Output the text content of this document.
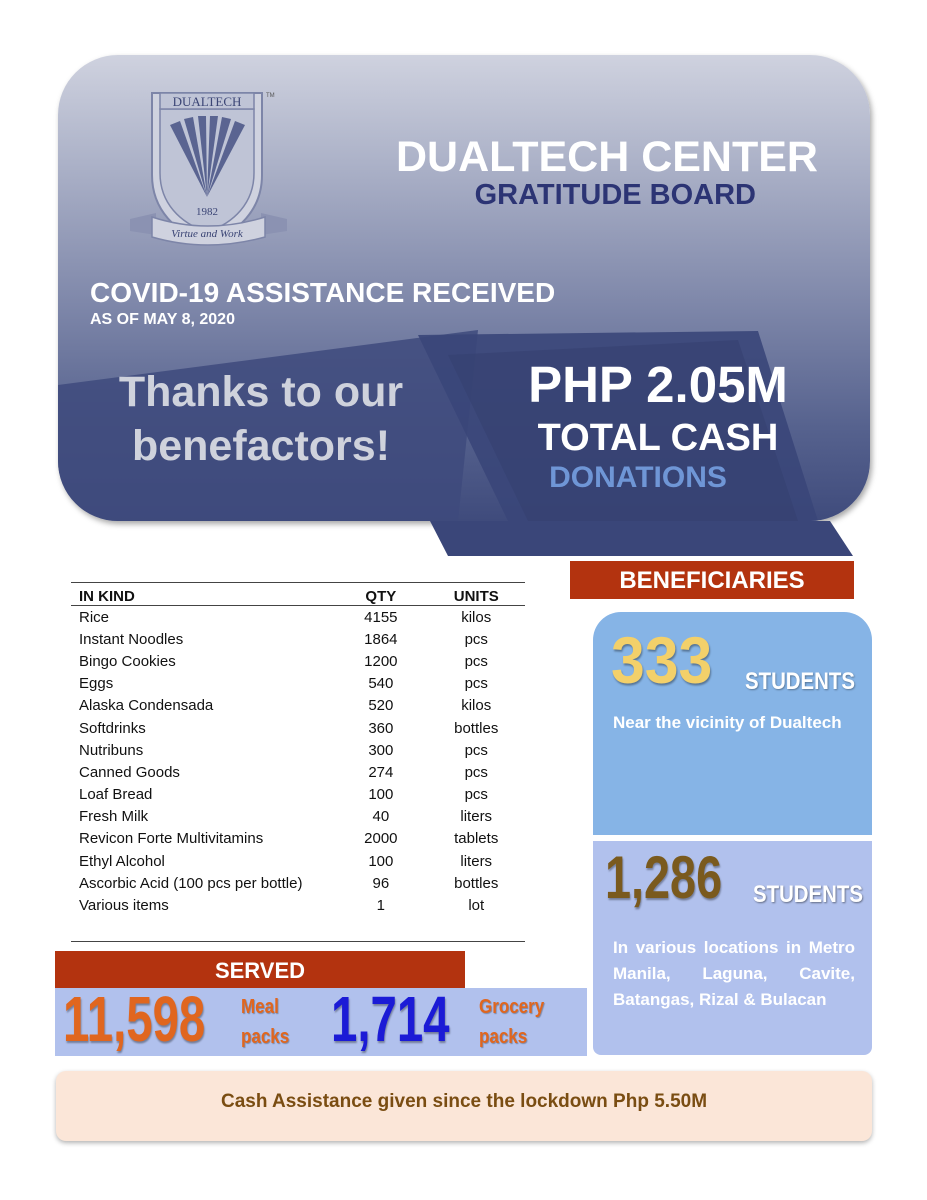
DUALTECH	TM
1982
Virtue and Work
DUALTECH CENTER
GRATITUDE BOARD
COVID-19 ASSISTANCE RECEIVED
AS OF MAY 8, 2020
Thanks to our
benefactors!
PHP 2.05M
TOTAL CASH
DONATIONS
IN KIND	QTY	UNITS
Rice	4155	kilos
Instant Noodles	1864	pcs
Bingo Cookies	1200	pcs
Eggs	540	pcs
Alaska Condensada	520	kilos
Softdrinks	360	bottles
Nutribuns	300	pcs
Canned Goods	274	pcs
Loaf Bread	100	pcs
Fresh Milk	40	liters
Revicon Forte Multivitamins	2000	tablets
Ethyl Alcohol	100	liters
Ascorbic Acid (100 pcs per bottle)	96	bottles
Various items	1	lot
BENEFICIARIES
333 STUDENTS
Near the vicinity of Dualtech
1,286 STUDENTS
In various locations in Metro Manila, Laguna, Cavite, Batangas, Rizal & Bulacan
SERVED
11,598 Meal
packs 1,714 Grocery
packs
Cash Assistance given since the lockdown Php 5.50M
